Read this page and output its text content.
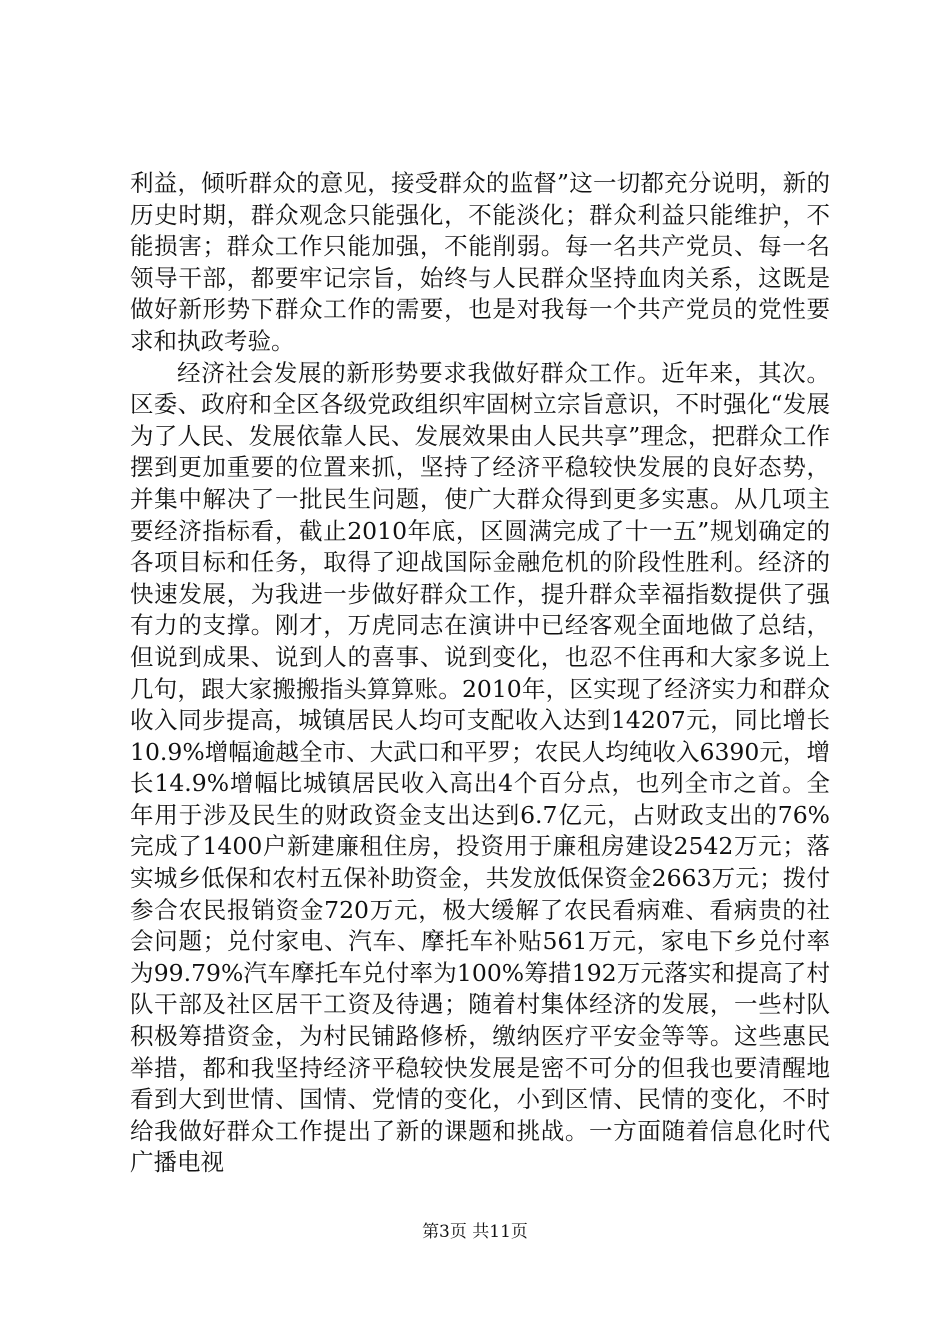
利益，倾听群众的意见，接受群众的监督”这一切都充分说明，新的历史时期，群众观念只能强化，不能淡化；群众利益只能维护，不能损害；群众工作只能加强，不能削弱。每一名共产党员、每一名领导干部，都要牢记宗旨，始终与人民群众坚持血肉关系，这既是做好新形势下群众工作的需要，也是对我每一个共产党员的党性要求和执政考验。

经济社会发展的新形势要求我做好群众工作。近年来，其次。区委、政府和全区各级党政组织牢固树立宗旨意识，不时强化“发展为了人民、发展依靠人民、发展效果由人民共享”理念，把群众工作摆到更加重要的位置来抓，坚持了经济平稳较快发展的良好态势，并集中解决了一批民生问题，使广大群众得到更多实惠。从几项主要经济指标看，截止2010年底，区圆满完成了十一五”规划确定的各项目标和任务，取得了迎战国际金融危机的阶段性胜利。经济的快速发展，为我进一步做好群众工作，提升群众幸福指数提供了强有力的支撑。刚才，万虎同志在演讲中已经客观全面地做了总结，但说到成果、说到人的喜事、说到变化，也忍不住再和大家多说上几句，跟大家搬搬指头算算账。2010年，区实现了经济实力和群众收入同步提高，城镇居民人均可支配收入达到14207元，同比增长10.9%增幅逾越全市、大武口和平罗；农民人均纯收入6390元，增长14.9%增幅比城镇居民收入高出4个百分点，也列全市之首。全年用于涉及民生的财政资金支出达到6.7亿元，占财政支出的76%完成了1400户新建廉租住房，投资用于廉租房建设2542万元；落实城乡低保和农村五保补助资金，共发放低保资金2663万元；拨付参合农民报销资金720万元，极大缓解了农民看病难、看病贵的社会问题；兑付家电、汽车、摩托车补贴561万元，家电下乡兑付率为99.79%汽车摩托车兑付率为100%筹措192万元落实和提高了村队干部及社区居干工资及待遇；随着村集体经济的发展，一些村队积极筹措资金，为村民铺路修桥，缴纳医疗平安金等等。这些惠民举措，都和我坚持经济平稳较快发展是密不可分的但我也要清醒地看到大到世情、国情、党情的变化，小到区情、民情的变化，不时给我做好群众工作提出了新的课题和挑战。一方面随着信息化时代广播电视

第3页 共11页
